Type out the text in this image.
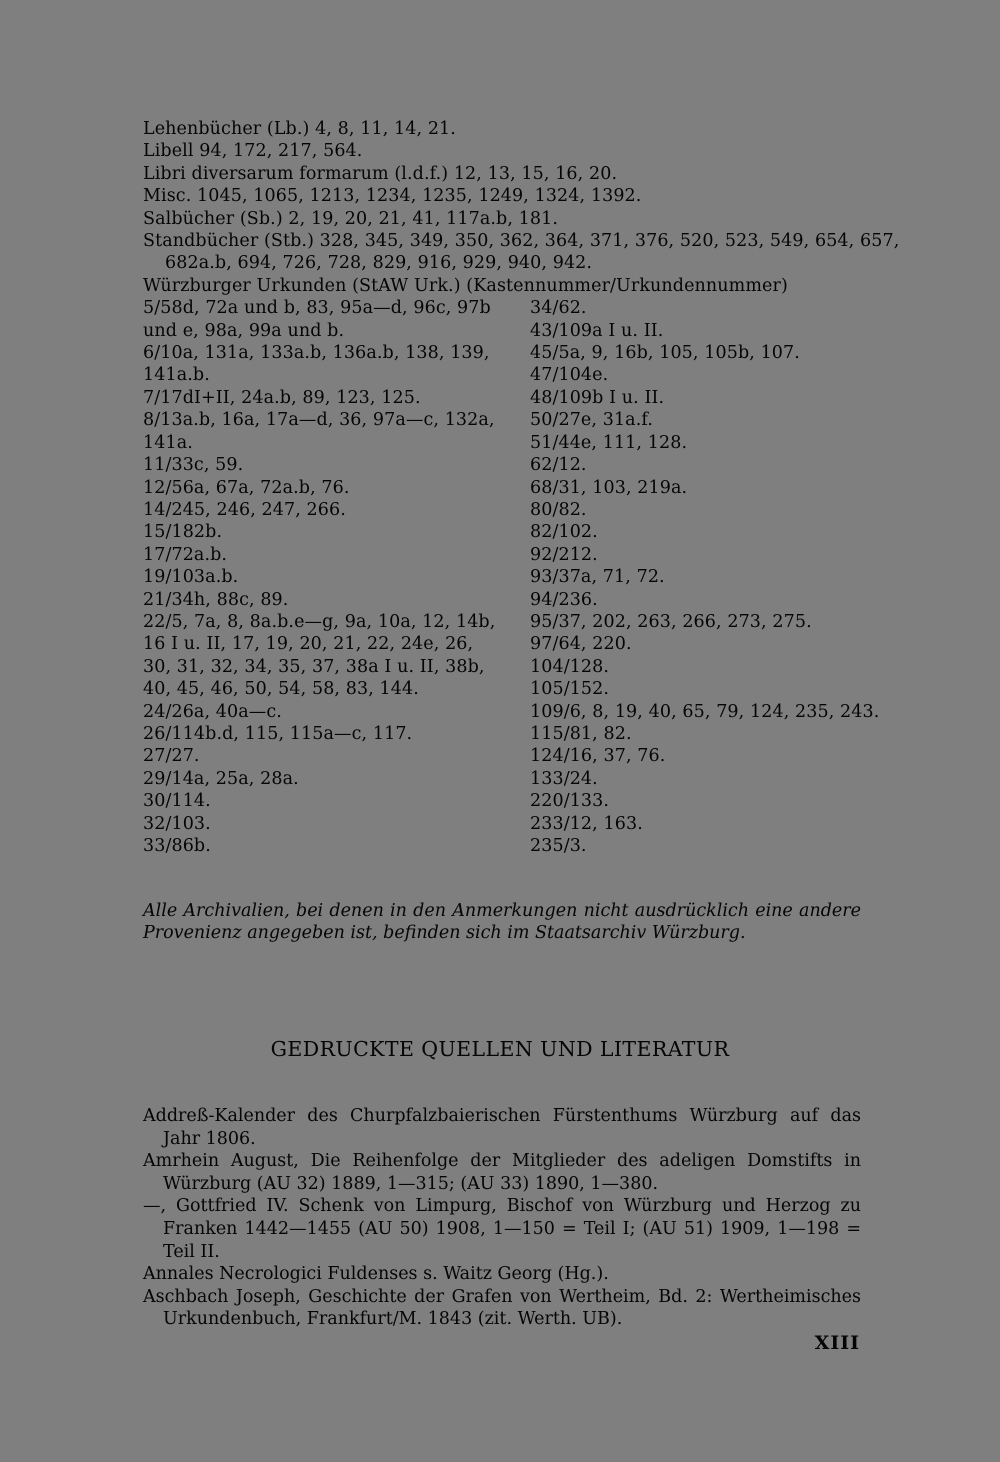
Lehenbücher (Lb.) 4, 8, 11, 14, 21.
Libell 94, 172, 217, 564.
Libri diversarum formarum (l.d.f.) 12, 13, 15, 16, 20.
Misc. 1045, 1065, 1213, 1234, 1235, 1249, 1324, 1392.
Salbücher (Sb.) 2, 19, 20, 21, 41, 117a.b, 181.
Standbücher (Stb.) 328, 345, 349, 350, 362, 364, 371, 376, 520, 523, 549, 654, 657,
682a.b, 694, 726, 728, 829, 916, 929, 940, 942.
Würzburger Urkunden (StAW Urk.) (Kastennummer/Urkundennummer)
5/58d, 72a und b, 83, 95a—d, 96c, 97b
und e, 98a, 99a und b.
6/10a, 131a, 133a.b, 136a.b, 138, 139,
141a.b.
7/17dI+II, 24a.b, 89, 123, 125.
8/13a.b, 16a, 17a—d, 36, 97a—c, 132a,
141a.
11/33c, 59.
12/56a, 67a, 72a.b, 76.
14/245, 246, 247, 266.
15/182b.
17/72a.b.
19/103a.b.
21/34h, 88c, 89.
22/5, 7a, 8, 8a.b.e—g, 9a, 10a, 12, 14b,
16 I u. II, 17, 19, 20, 21, 22, 24e, 26,
30, 31, 32, 34, 35, 37, 38a I u. II, 38b,
40, 45, 46, 50, 54, 58, 83, 144.
24/26a, 40a—c.
26/114b.d, 115, 115a—c, 117.
27/27.
29/14a, 25a, 28a.
30/114.
32/103.
33/86b.
34/62.
43/109a I u. II.
45/5a, 9, 16b, 105, 105b, 107.
47/104e.
48/109b I u. II.
50/27e, 31a.f.
51/44e, 111, 128.
62/12.
68/31, 103, 219a.
80/82.
82/102.
92/212.
93/37a, 71, 72.
94/236.
95/37, 202, 263, 266, 273, 275.
97/64, 220.
104/128.
105/152.
109/6, 8, 19, 40, 65, 79, 124, 235, 243.
115/81, 82.
124/16, 37, 76.
133/24.
220/133.
233/12, 163.
235/3.
Alle Archivalien, bei denen in den Anmerkungen nicht ausdrücklich eine andere Provenienz angegeben ist, befinden sich im Staatsarchiv Würzburg.
GEDRUCKTE QUELLEN UND LITERATUR

Addreß-Kalender des Churpfalzbaierischen Fürstenthums Würzburg auf das Jahr 1806.

Amrhein August, Die Reihenfolge der Mitglieder des adeligen Domstifts in Würzburg (AU 32) 1889, 1—315; (AU 33) 1890, 1—380.

—, Gottfried IV. Schenk von Limpurg, Bischof von Würzburg und Herzog zu Franken 1442—1455 (AU 50) 1908, 1—150 = Teil I; (AU 51) 1909, 1—198 = Teil II.

Annales Necrologici Fuldenses s. Waitz Georg (Hg.).

Aschbach Joseph, Geschichte der Grafen von Wertheim, Bd. 2: Wertheimisches Urkundenbuch, Frankfurt/M. 1843 (zit. Werth. UB).

XIII
